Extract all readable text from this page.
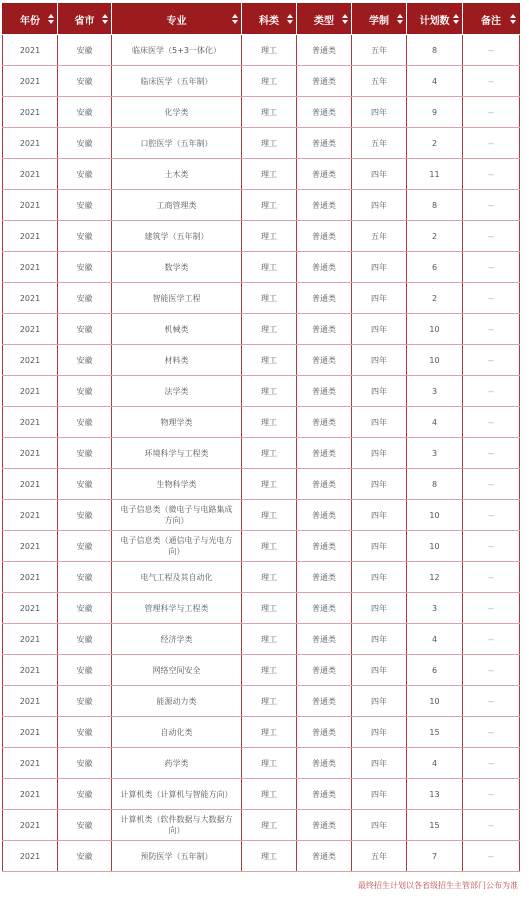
年份	省市	专业	科类	类型	学制	计划数	备注

2021	安徽	临床医学（5+3一体化）	理工	普通类	五年	8	--
2021	安徽	临床医学（五年制）	理工	普通类	五年	4	--
2021	安徽	化学类	理工	普通类	四年	9	--
2021	安徽	口腔医学（五年制）	理工	普通类	五年	2	--
2021	安徽	土木类	理工	普通类	四年	11	--
2021	安徽	工商管理类	理工	普通类	四年	8	--
2021	安徽	建筑学（五年制）	理工	普通类	五年	2	--
2021	安徽	数学类	理工	普通类	四年	6	--
2021	安徽	智能医学工程	理工	普通类	四年	2	--
2021	安徽	机械类	理工	普通类	四年	10	--
2021	安徽	材料类	理工	普通类	四年	10	--
2021	安徽	法学类	理工	普通类	四年	3	--
2021	安徽	物理学类	理工	普通类	四年	4	--
2021	安徽	环境科学与工程类	理工	普通类	四年	3	--
2021	安徽	生物科学类	理工	普通类	四年	8	--
2021	安徽	电子信息类（微电子与电路集成方向）	理工	普通类	四年	10	--
2021	安徽	电子信息类（通信电子与光电方向）	理工	普通类	四年	10	--
2021	安徽	电气工程及其自动化	理工	普通类	四年	12	--
2021	安徽	管理科学与工程类	理工	普通类	四年	3	--
2021	安徽	经济学类	理工	普通类	四年	4	--
2021	安徽	网络空间安全	理工	普通类	四年	6	--
2021	安徽	能源动力类	理工	普通类	四年	10	--
2021	安徽	自动化类	理工	普通类	四年	15	--
2021	安徽	药学类	理工	普通类	四年	4	--
2021	安徽	计算机类（计算机与智能方向）	理工	普通类	四年	13	--
2021	安徽	计算机类（软件数据与大数据方向）	理工	普通类	四年	15	--
2021	安徽	预防医学（五年制）	理工	普通类	五年	7	--
最终招生计划以各省级招生主管部门公布为准
